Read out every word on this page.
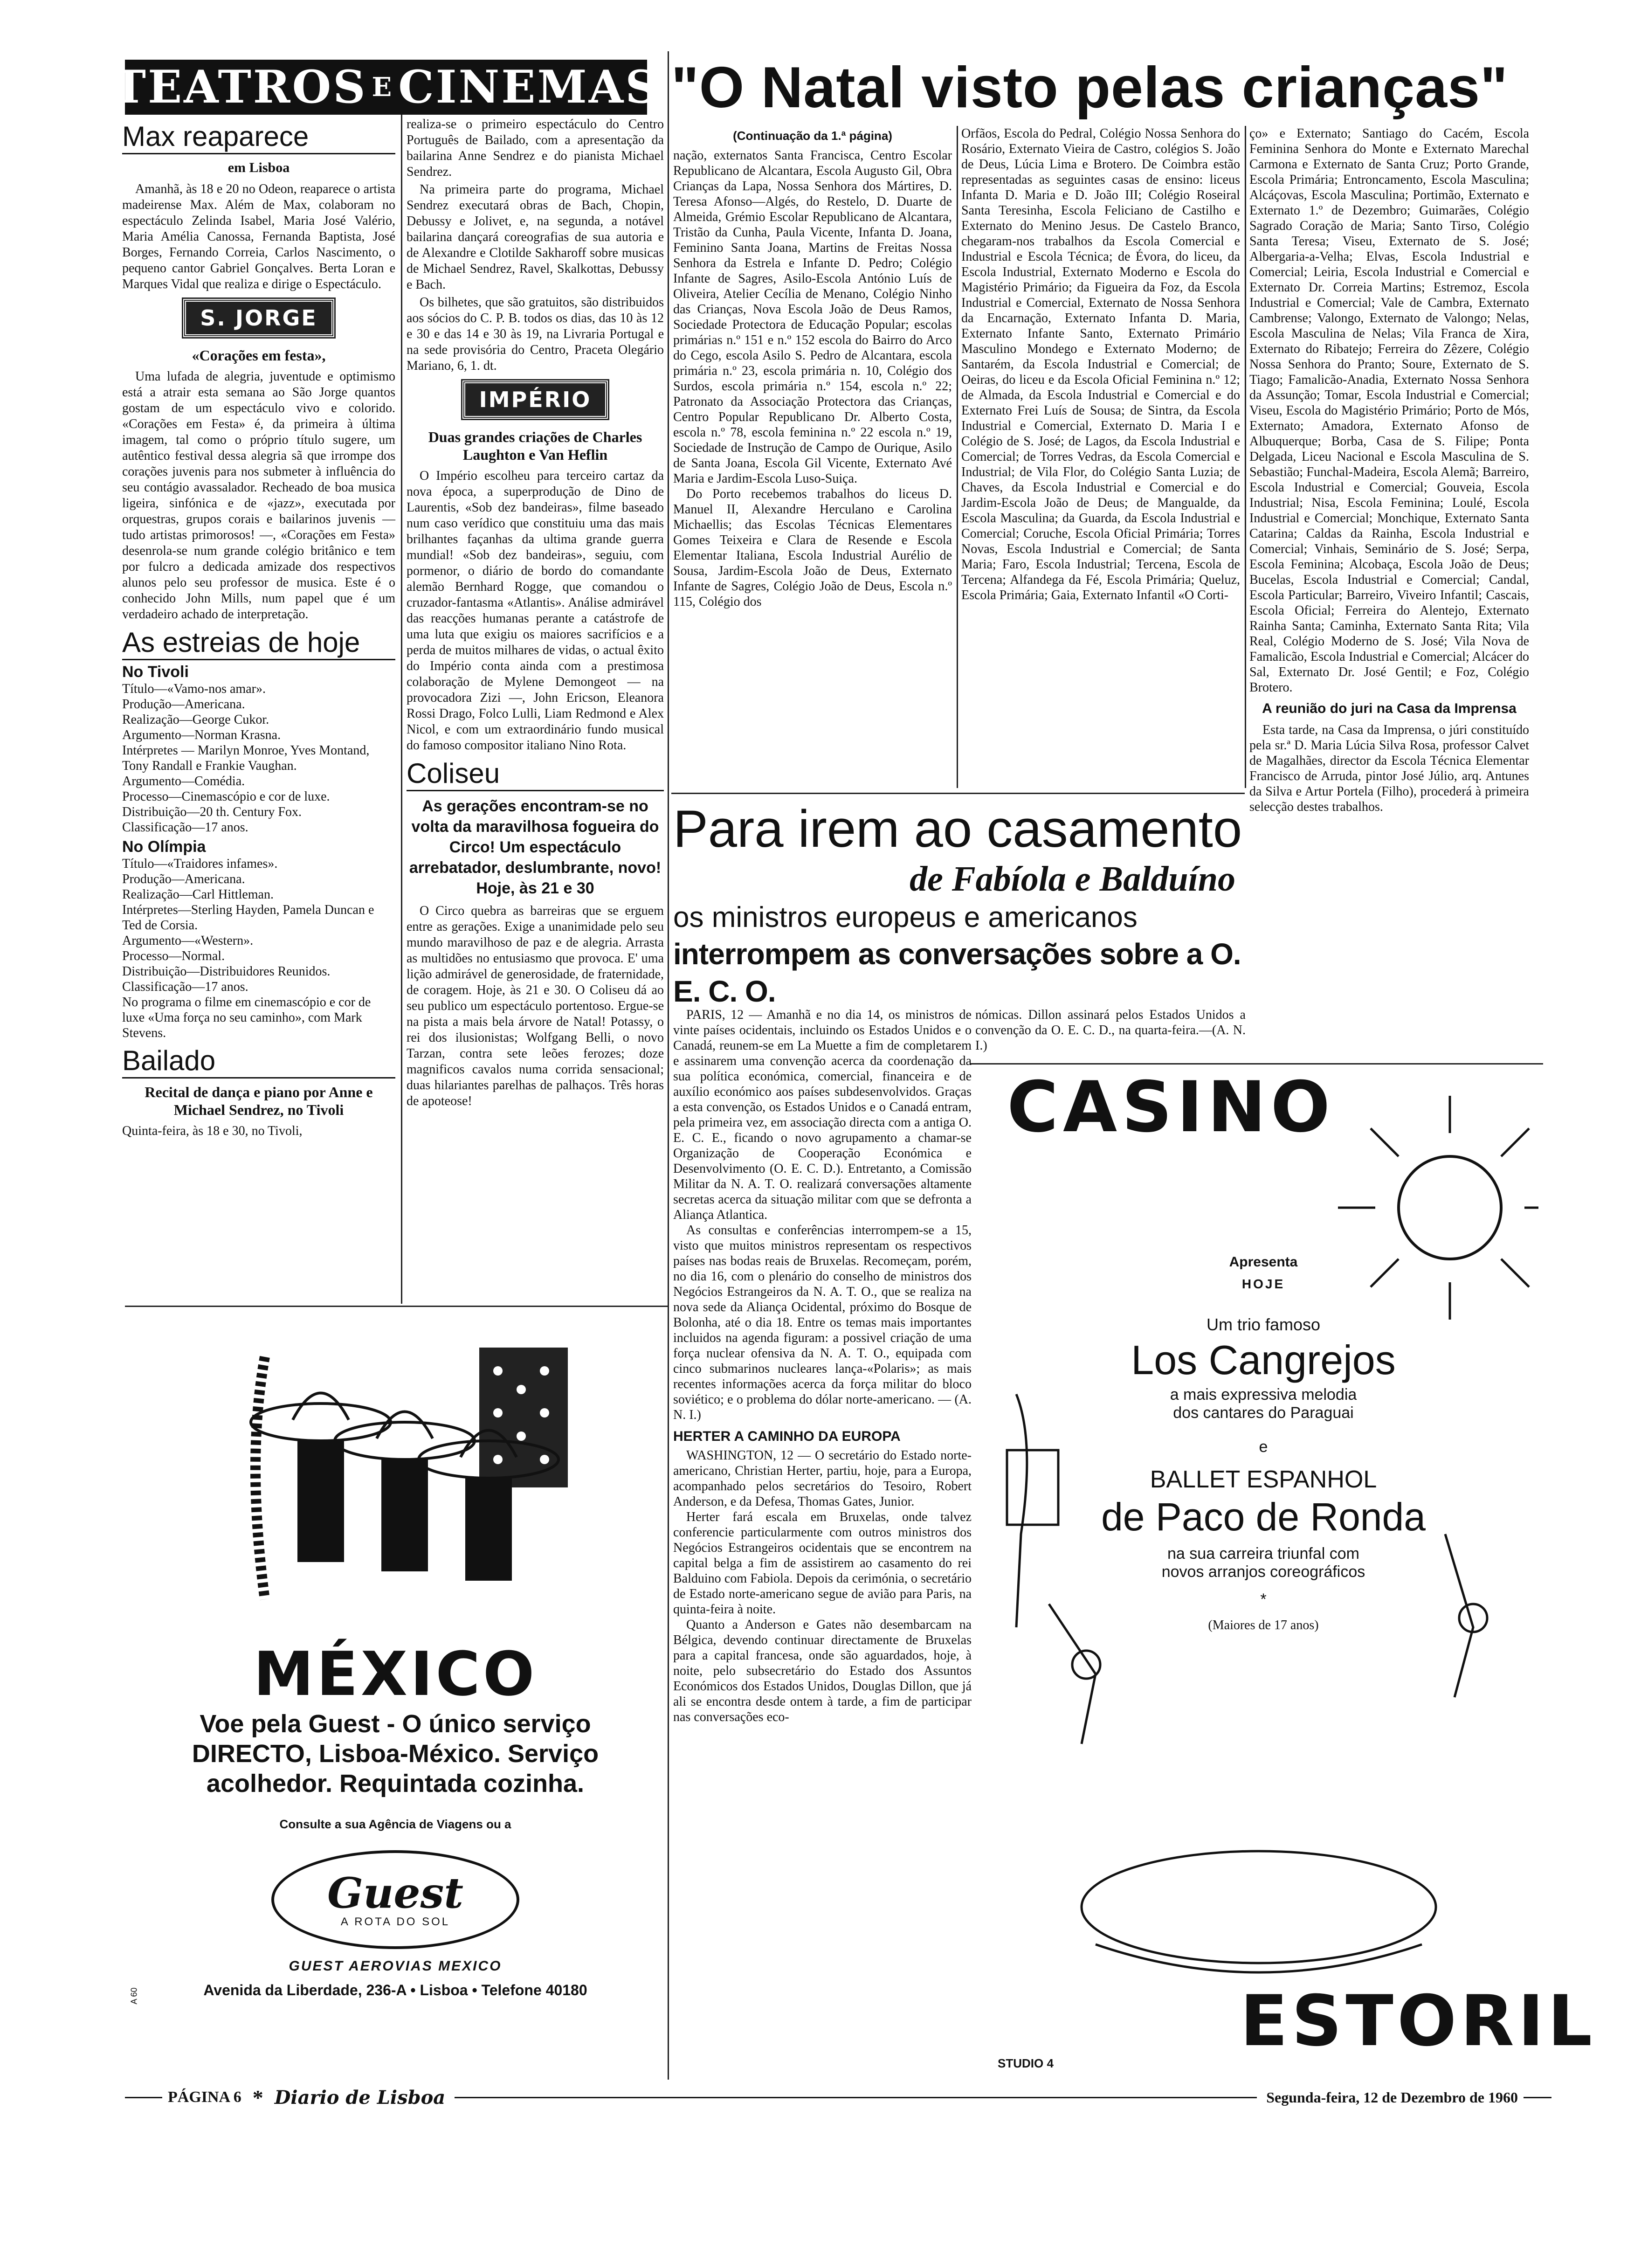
TEATROS E CINEMAS "O Natal visto pelas crianças"
Max reaparece
em Lisboa

Amanhã, às 18 e 20 no Odeon, reaparece o artista madeirense Max. Além de Max, colaboram no espectáculo Zelinda Isabel, Maria José Valério, Maria Amélia Canossa, Fernanda Baptista, José Borges, Fernando Correia, Carlos Nascimento, o pequeno cantor Gabriel Gonçalves. Berta Loran e Marques Vidal que realiza e dirige o Espectáculo.

S. JORGE
«Corações em festa»,

Uma lufada de alegria, juventude e optimismo está a atrair esta semana ao São Jorge quantos gostam de um espectáculo vivo e colorido. «Corações em Festa» é, da primeira à última imagem, tal como o próprio título sugere, um autêntico festival dessa alegria sã que irrompe dos corações juvenis para nos submeter à influência do seu contágio avassalador. Recheado de boa musica ligeira, sinfónica e de «jazz», executada por orquestras, grupos corais e bailarinos juvenis — tudo artistas primorosos! —, «Corações em Festa» desenrola-se num grande colégio britânico e tem por fulcro a dedicada amizade dos respectivos alunos pelo seu professor de musica. Este é o conhecido John Mills, num papel que é um verdadeiro achado de interpretação.

As estreias de hoje
No Tivoli

Título—«Vamo-nos amar».

Produção—Americana.

Realização—George Cukor.

Argumento—Norman Krasna.

Intérpretes — Marilyn Monroe, Yves Montand, Tony Randall e Frankie Vaughan.

Argumento—Comédia.

Processo—Cinemascópio e cor de luxe.

Distribuição—20 th. Century Fox.

Classificação—17 anos.

No Olímpia

Título—«Traidores infames».

Produção—Americana.

Realização—Carl Hittleman.

Intérpretes—Sterling Hayden, Pamela Duncan e Ted de Corsia.

Argumento—«Western».

Processo—Normal.

Distribuição—Distribuidores Reunidos.

Classificação—17 anos.

No programa o filme em cinemascópio e cor de luxe «Uma força no seu caminho», com Mark Stevens.

Bailado
Recital de dança e piano por Anne e Michael Sendrez, no Tivoli

Quinta-feira, às 18 e 30, no Tivoli,

realiza-se o primeiro espectáculo do Centro Português de Bailado, com a apresentação da bailarina Anne Sendrez e do pianista Michael Sendrez.

Na primeira parte do programa, Michael Sendrez executará obras de Bach, Chopin, Debussy e Jolivet, e, na segunda, a notável bailarina dançará coreografias de sua autoria e de Alexandre e Clotilde Sakharoff sobre musicas de Michael Sendrez, Ravel, Skalkottas, Debussy e Bach.

Os bilhetes, que são gratuitos, são distribuidos aos sócios do C. P. B. todos os dias, das 10 às 12 e 30 e das 14 e 30 às 19, na Livraria Portugal e na sede provisória do Centro, Praceta Olegário Mariano, 6, 1. dt.

IMPÉRIO
Duas grandes criações de Charles Laughton e Van Heflin

O Império escolheu para terceiro cartaz da nova época, a superprodução de Dino de Laurentis, «Sob dez bandeiras», filme baseado num caso verídico que constituiu uma das mais brilhantes façanhas da ultima grande guerra mundial! «Sob dez bandeiras», seguiu, com pormenor, o diário de bordo do comandante alemão Bernhard Rogge, que comandou o cruzador-fantasma «Atlantis». Análise admirável das reacções humanas perante a catástrofe de uma luta que exigiu os maiores sacrifícios e a perda de muitos milhares de vidas, o actual êxito do Império conta ainda com a prestimosa colaboração de Mylene Demongeot — na provocadora Zizi —, John Ericson, Eleanora Rossi Drago, Folco Lulli, Liam Redmond e Alex Nicol, e com um extraordinário fundo musical do famoso compositor italiano Nino Rota.

Coliseu
As gerações encontram-se no volta da maravilhosa fogueira do Circo! Um espectáculo arrebatador, deslumbrante, novo! Hoje, às 21 e 30

O Circo quebra as barreiras que se erguem entre as gerações. Exige a unanimidade pelo seu mundo maravilhoso de paz e de alegria. Arrasta as multidões no entusiasmo que provoca. E' uma lição admirável de generosidade, de fraternidade, de coragem. Hoje, às 21 e 30. O Coliseu dá ao seu publico um espectáculo portentoso. Ergue-se na pista a mais bela árvore de Natal! Potassy, o rei dos ilusionistas; Wolfgang Belli, o novo Tarzan, contra sete leões ferozes; doze magnificos cavalos numa corrida sensacional; duas hilariantes parelhas de palhaços. Três horas de apoteose!

(Continuação da 1.ª página)

nação, externatos Santa Francisca, Centro Escolar Republicano de Alcantara, Escola Augusto Gil, Obra Crianças da Lapa, Nossa Senhora dos Mártires, D. Teresa Afonso—Algés, do Restelo, D. Duarte de Almeida, Grémio Escolar Republicano de Alcantara, Tristão da Cunha, Paula Vicente, Infanta D. Joana, Feminino Santa Joana, Martins de Freitas Nossa Senhora da Estrela e Infante D. Pedro; Colégio Infante de Sagres, Asilo-Escola António Luís de Oliveira, Atelier Cecília de Menano, Colégio Ninho das Crianças, Nova Escola João de Deus Ramos, Sociedade Protectora de Educação Popular; escolas primárias n.º 151 e n.º 152 escola do Bairro do Arco do Cego, escola Asilo S. Pedro de Alcantara, escola primária n.º 23, escola primária n. 10, Colégio dos Surdos, escola primária n.º 154, escola n.º 22; Patronato da Associação Protectora das Crianças, Centro Popular Republicano Dr. Alberto Costa, escola n.º 78, escola feminina n.º 22 escola n.º 19, Sociedade de Instrução de Campo de Ourique, Asilo de Santa Joana, Escola Gil Vicente, Externato Avé Maria e Jardim-Escola Luso-Suiça.

Do Porto recebemos trabalhos do liceus D. Manuel II, Alexandre Herculano e Carolina Michaellis; das Escolas Técnicas Elementares Gomes Teixeira e Clara de Resende e Escola Elementar Italiana, Escola Industrial Aurélio de Sousa, Jardim-Escola João de Deus, Externato Infante de Sagres, Colégio João de Deus, Escola n.º 115, Colégio dos

Orfãos, Escola do Pedral, Colégio Nossa Senhora do Rosário, Externato Vieira de Castro, colégios S. João de Deus, Lúcia Lima e Brotero. De Coimbra estão representadas as seguintes casas de ensino: liceus Infanta D. Maria e D. João III; Colégio Roseiral Santa Teresinha, Escola Feliciano de Castilho e Externato do Menino Jesus. De Castelo Branco, chegaram-nos trabalhos da Escola Comercial e Industrial e Escola Técnica; de Évora, do liceu, da Escola Industrial, Externato Moderno e Escola do Magistério Primário; da Figueira da Foz, da Escola Industrial e Comercial, Externato de Nossa Senhora da Encarnação, Externato Infanta D. Maria, Externato Infante Santo, Externato Primário Masculino Mondego e Externato Moderno; de Santarém, da Escola Industrial e Comercial; de Oeiras, do liceu e da Escola Oficial Feminina n.º 12; de Almada, da Escola Industrial e Comercial e do Externato Frei Luís de Sousa; de Sintra, da Escola Industrial e Comercial, Externato D. Maria I e Colégio de S. José; de Lagos, da Escola Industrial e Comercial; de Torres Vedras, da Escola Comercial e Industrial; de Vila Flor, do Colégio Santa Luzia; de Chaves, da Escola Industrial e Comercial e do Jardim-Escola João de Deus; de Mangualde, da Escola Masculina; da Guarda, da Escola Industrial e Comercial; Coruche, Escola Oficial Primária; Torres Novas, Escola Industrial e Comercial; de Santa Maria; Faro, Escola Industrial; Tercena, Escola de Tercena; Alfandega da Fé, Escola Primária; Queluz, Escola Primária; Gaia, Externato Infantil «O Corti-

ço» e Externato; Santiago do Cacém, Escola Feminina Senhora do Monte e Externato Marechal Carmona e Externato de Santa Cruz; Porto Grande, Escola Primária; Entroncamento, Escola Masculina; Alcáçovas, Escola Masculina; Portimão, Externato e Externato 1.º de Dezembro; Guimarães, Colégio Sagrado Coração de Maria; Santo Tirso, Colégio Santa Teresa; Viseu, Externato de S. José; Albergaria-a-Velha; Elvas, Escola Industrial e Comercial; Leiria, Escola Industrial e Comercial e Externato Dr. Correia Martins; Estremoz, Escola Industrial e Comercial; Vale de Cambra, Externato Cambrense; Valongo, Externato de Valongo; Nelas, Escola Masculina de Nelas; Vila Franca de Xira, Externato do Ribatejo; Ferreira do Zêzere, Colégio Nossa Senhora do Pranto; Soure, Externato de S. Tiago; Famalicão-Anadia, Externato Nossa Senhora da Assunção; Tomar, Escola Industrial e Comercial; Viseu, Escola do Magistério Primário; Porto de Mós, Externato; Amadora, Externato Afonso de Albuquerque; Borba, Casa de S. Filipe; Ponta Delgada, Liceu Nacional e Escola Masculina de S. Sebastião; Funchal-Madeira, Escola Alemã; Barreiro, Escola Industrial e Comercial; Gouveia, Escola Industrial; Nisa, Escola Feminina; Loulé, Escola Industrial e Comercial; Monchique, Externato Santa Catarina; Caldas da Rainha, Escola Industrial e Comercial; Vinhais, Seminário de S. José; Serpa, Escola Feminina; Alcobaça, Escola João de Deus; Bucelas, Escola Industrial e Comercial; Candal, Escola Particular; Barreiro, Viveiro Infantil; Cascais, Escola Oficial; Ferreira do Alentejo, Externato Rainha Santa; Caminha, Externato Santa Rita; Vila Real, Colégio Moderno de S. José; Vila Nova de Famalicão, Escola Industrial e Comercial; Alcácer do Sal, Externato Dr. José Gentil; e Foz, Colégio Brotero.

A reunião do juri na Casa da Imprensa

Esta tarde, na Casa da Imprensa, o júri constituído pela sr.ª D. Maria Lúcia Silva Rosa, professor Calvet de Magalhães, director da Escola Técnica Elementar Francisco de Arruda, pintor José Júlio, arq. Antunes da Silva e Artur Portela (Filho), procederá à primeira selecção destes trabalhos.

Para irem ao casamento
de Fabíola e Balduíno
os ministros europeus e americanos
interrompem as conversações sobre a O. E. C. O.

PARIS, 12 — Amanhã e no dia 14, os ministros de vinte países ocidentais, incluindo os Estados Unidos e o Canadá, reunem-se em La Muette a fim de completarem e assinarem uma convenção acerca da coordenação da sua política económica, comercial, financeira e de auxílio económico aos países subdesenvolvidos. Graças a esta convenção, os Estados Unidos e o Canadá entram, pela primeira vez, em associação directa com a antiga O. E. C. E., ficando o novo agrupamento a chamar-se Organização de Cooperação Económica e Desenvolvimento (O. E. C. D.). Entretanto, a Comissão Militar da N. A. T. O. realizará conversações altamente secretas acerca da situação militar com que se defronta a Aliança Atlantica.

As consultas e conferências interrompem-se a 15, visto que muitos ministros representam os respectivos países nas bodas reais de Bruxelas. Recomeçam, porém, no dia 16, com o plenário do conselho de ministros dos Negócios Estrangeiros da N. A. T. O., que se realiza na nova sede da Aliança Ocidental, próximo do Bosque de Bolonha, até o dia 18. Entre os temas mais importantes incluidos na agenda figuram: a possivel criação de uma força nuclear ofensiva da N. A. T. O., equipada com cinco submarinos nucleares lança-«Polaris»; as mais recentes informações acerca da força militar do bloco soviético; e o problema do dólar norte-americano. — (A. N. I.)

HERTER A CAMINHO DA EUROPA

WASHINGTON, 12 — O secretário do Estado norte-americano, Christian Herter, partiu, hoje, para a Europa, acompanhado pelos secretários do Tesoiro, Robert Anderson, e da Defesa, Thomas Gates, Junior.

Herter fará escala em Bruxelas, onde talvez conferencie particularmente com outros ministros dos Negócios Estrangeiros ocidentais que se encontrem na capital belga a fim de assistirem ao casamento do rei Balduino com Fabiola. Depois da cerimónia, o secretário de Estado norte-americano segue de avião para Paris, na quinta-feira à noite.

Quanto a Anderson e Gates não desembarcam na Bélgica, devendo continuar directamente de Bruxelas para a capital francesa, onde são aguardados, hoje, à noite, pelo subsecretário do Estado dos Assuntos Económicos dos Estados Unidos, Douglas Dillon, que já ali se encontra desde ontem à tarde, a fim de participar nas conversações eco-

nómicas. Dillon assinará pelos Estados Unidos a convenção da O. E. C. D., na quarta-feira.—(A. N. I.)

MÉXICO
Voe pela Guest - O único serviço
DIRECTO, Lisboa-México. Serviço
acolhedor. Requintada cozinha.
Consulte a sua Agência de Viagens ou a
Guest
A ROTA DO SOL
GUEST AEROVIAS MEXICO
Avenida da Liberdade, 236-A • Lisboa • Telefone 40180
A 60
CASINO
Apresenta
HOJE
Um trio famoso
Los Cangrejos
a mais expressiva melodia
dos cantares do Paraguai
e
BALLET ESPANHOL
de Paco de Ronda
na sua carreira triunfal com
novos arranjos coreográficos
*
(Maiores de 17 anos)
ESTORIL
STUDIO 4
PÁGINA 6 * Diario de Lisboa	Segunda-feira, 12 de Dezembro de 1960
